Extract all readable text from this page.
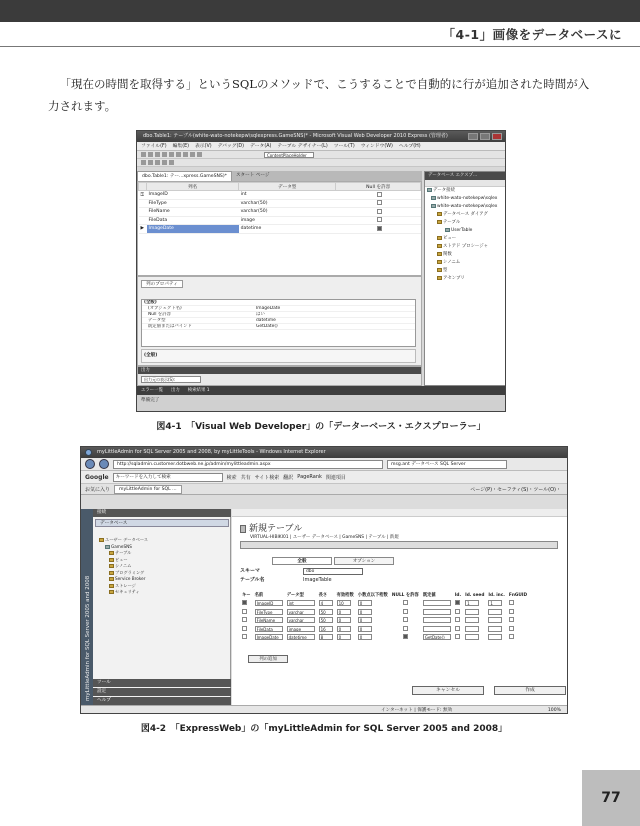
「4-1」画像をデータベースに

「現在の時間を取得する」というSQLのメソッドで、こうすることで自動的に行が追加された時間が入力されます。

dbo.Table1: テーブル(white-wato-notekepw\sqlexpress.GameSNS)* - Microsoft Visual Web Developer 2010 Express (管理者)
ファイル(F) 編集(E) 表示(V) デバッグ(D) データ(A) テーブル デザイナー(L) ツール(T) ウィンドウ(W) ヘルプ(H)
ContentPlaceHolder
dbo.Table1: テー...xpress.GameSNS)*	スタート ページ
	列名	データ型	Null を許容
⚿	ImageID	int	
	FileType	varchar(50)	
	FileName	varchar(50)	
	FileData	image	
▶	ImageDate	datetime	
列のプロパティ
(全般)
(オブジェクト名)	ImageDate
Null を許容	はい
データ型	datetime
既定値またはバインド	GetDate()
(全般)
出力
出力元の表示(S):
エラー一覧 出力 検索結果 1
準備完了
データベース エクスプ...
データ接続
white-wato-notekepw\sqlex
white-wato-notekepw\sqlex
データベース ダイアグ
テーブル
UserTable
ビュー
ストアド プロシージャ
関数
シノニム
型
アセンブリ
図4-1　「Visual Web Developer」の「データーベース・エクスプローラー」
myLittleAdmin for SQL Server 2005 and 2008, by myLittleTools - Windows Internet Explorer
http://sqladmin.customer.dotbweb.ne.jp/admin/mylittleadmin.aspx	msg.ant データベース SQL Server
Google	キーワードを入力して検索	検索 共有 サイト検索 翻訳 PageRank 関連項目
お気に入り	myLittleAdmin for SQL ...	ページ(P)・セーフティ(S)・ツール(O)・
myLittleAdmin for SQL Server 2005 and 2008
接続
データベース
ユーザー データベース
GameSNS
テーブル
ビュー
シノニム
プログラミング
Service Broker
ストレージ
セキュリティ
ツール
設定
ヘルプ
新規テーブル
VIRTUAL-HIBIKI01 | ユーザー データベース | GameSNS | テーブル | 新規
全般	オプション
スキーマ	dbo
テーブル名	ImageTable
キー	名前	データ型	長さ	有効桁数	小数点以下桁数	NULL を許容	既定値	Id.	Id. seed	Id. inc.	FnGUID
	ImageID	int	4	10	0				1	1	
	FileType	varchar	50	0	0						
	FileName	varchar	50	0	0						
	FileData	image	16	0	0						
	ImageDate	datetime	8	0	0		GetDate()				
列の追加
キャンセル	作成
インターネット | 保護モード: 無効	100%
図4-2　「ExpressWeb」の「myLittleAdmin for SQL Server 2005 and 2008」
77
